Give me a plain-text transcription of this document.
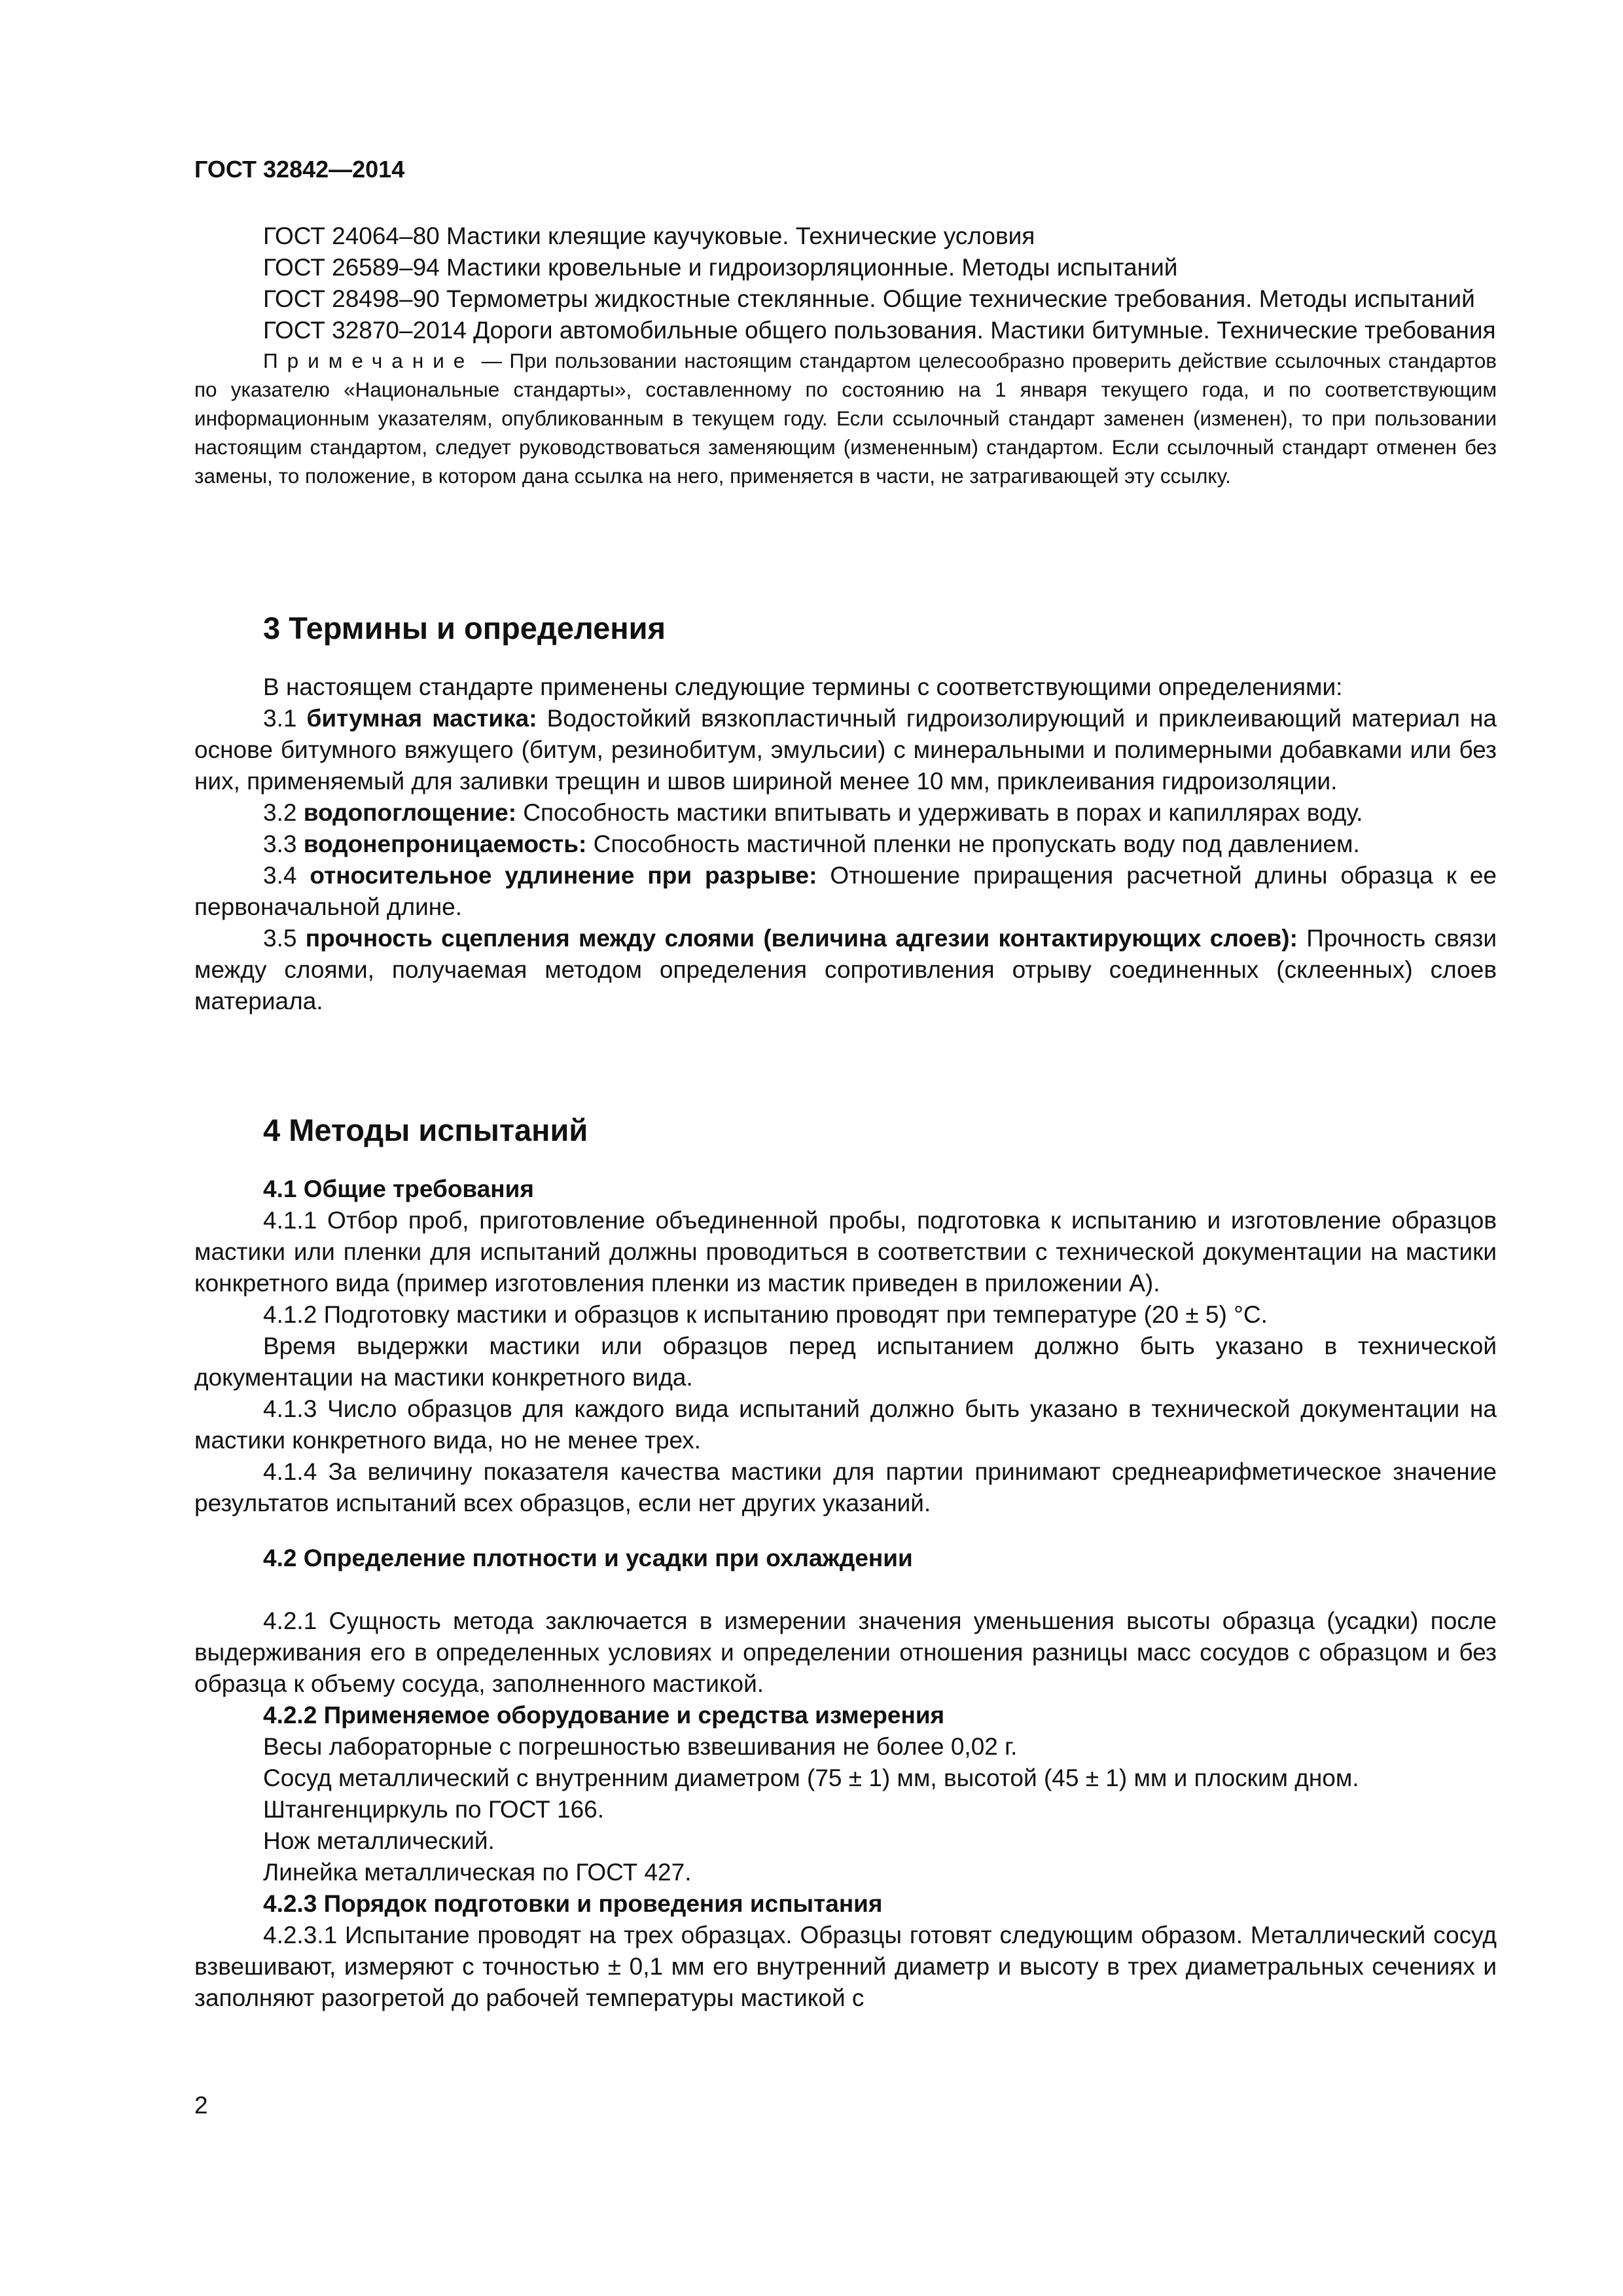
ГОСТ 32842—2014

ГОСТ 24064–80 Мастики клеящие каучуковые. Технические условия

ГОСТ 26589–94 Мастики кровельные и гидроизорляционные. Методы испытаний

ГОСТ 28498–90 Термометры жидкостные стеклянные. Общие технические требования. Методы испытаний

ГОСТ 32870–2014 Дороги автомобильные общего пользования. Мастики битумные. Технические требования

Примечание — При пользовании настоящим стандартом целесообразно проверить действие ссылочных стандартов по указателю «Национальные стандарты», составленному по состоянию на 1 января текущего года, и по соответствующим информационным указателям, опубликованным в текущем году. Если ссылочный стандарт заменен (изменен), то при пользовании настоящим стандартом, следует руководствоваться заменяющим (измененным) стандартом. Если ссылочный стандарт отменен без замены, то положение, в котором дана ссылка на него, применяется в части, не затрагивающей эту ссылку.

3 Термины и определения

В настоящем стандарте применены следующие термины с соответствующими определениями:

3.1 битумная мастика: Водостойкий вязкопластичный гидроизолирующий и приклеивающий материал на основе битумного вяжущего (битум, резинобитум, эмульсии) с минеральными и полимерными добавками или без них, применяемый для заливки трещин и швов шириной менее 10 мм, приклеивания гидроизоляции.

3.2 водопоглощение: Способность мастики впитывать и удерживать в порах и капиллярах воду.

3.3 водонепроницаемость: Способность мастичной пленки не пропускать воду под давлением.

3.4 относительное удлинение при разрыве: Отношение приращения расчетной длины образца к ее первоначальной длине.

3.5 прочность сцепления между слоями (величина адгезии контактирующих слоев): Прочность связи между слоями, получаемая методом определения сопротивления отрыву соединенных (склеенных) слоев материала.

4 Методы испытаний

4.1 Общие требования

4.1.1 Отбор проб, приготовление объединенной пробы, подготовка к испытанию и изготовление образцов мастики или пленки для испытаний должны проводиться в соответствии с технической документации на мастики конкретного вида (пример изготовления пленки из мастик приведен в приложении А).

4.1.2 Подготовку мастики и образцов к испытанию проводят при температуре (20 ± 5) °С.

Время выдержки мастики или образцов перед испытанием должно быть указано в технической документации на мастики конкретного вида.

4.1.3 Число образцов для каждого вида испытаний должно быть указано в технической документации на мастики конкретного вида, но не менее трех.

4.1.4 За величину показателя качества мастики для партии принимают среднеарифметическое значение результатов испытаний всех образцов, если нет других указаний.

4.2 Определение плотности и усадки при охлаждении

4.2.1 Сущность метода заключается в измерении значения уменьшения высоты образца (усадки) после выдерживания его в определенных условиях и определении отношения разницы масс сосудов с образцом и без образца к объему сосуда, заполненного мастикой.

4.2.2 Применяемое оборудование и средства измерения

Весы лабораторные с погрешностью взвешивания не более 0,02 г.

Сосуд металлический с внутренним диаметром (75 ± 1) мм, высотой (45 ± 1) мм и плоским дном.

Штангенциркуль по ГОСТ 166.

Нож металлический.

Линейка металлическая по ГОСТ 427.

4.2.3 Порядок подготовки и проведения испытания

4.2.3.1 Испытание проводят на трех образцах. Образцы готовят следующим образом. Металлический сосуд взвешивают, измеряют с точностью ± 0,1 мм его внутренний диаметр и высоту в трех диаметральных сечениях и заполняют разогретой до рабочей температуры мастикой с

2
